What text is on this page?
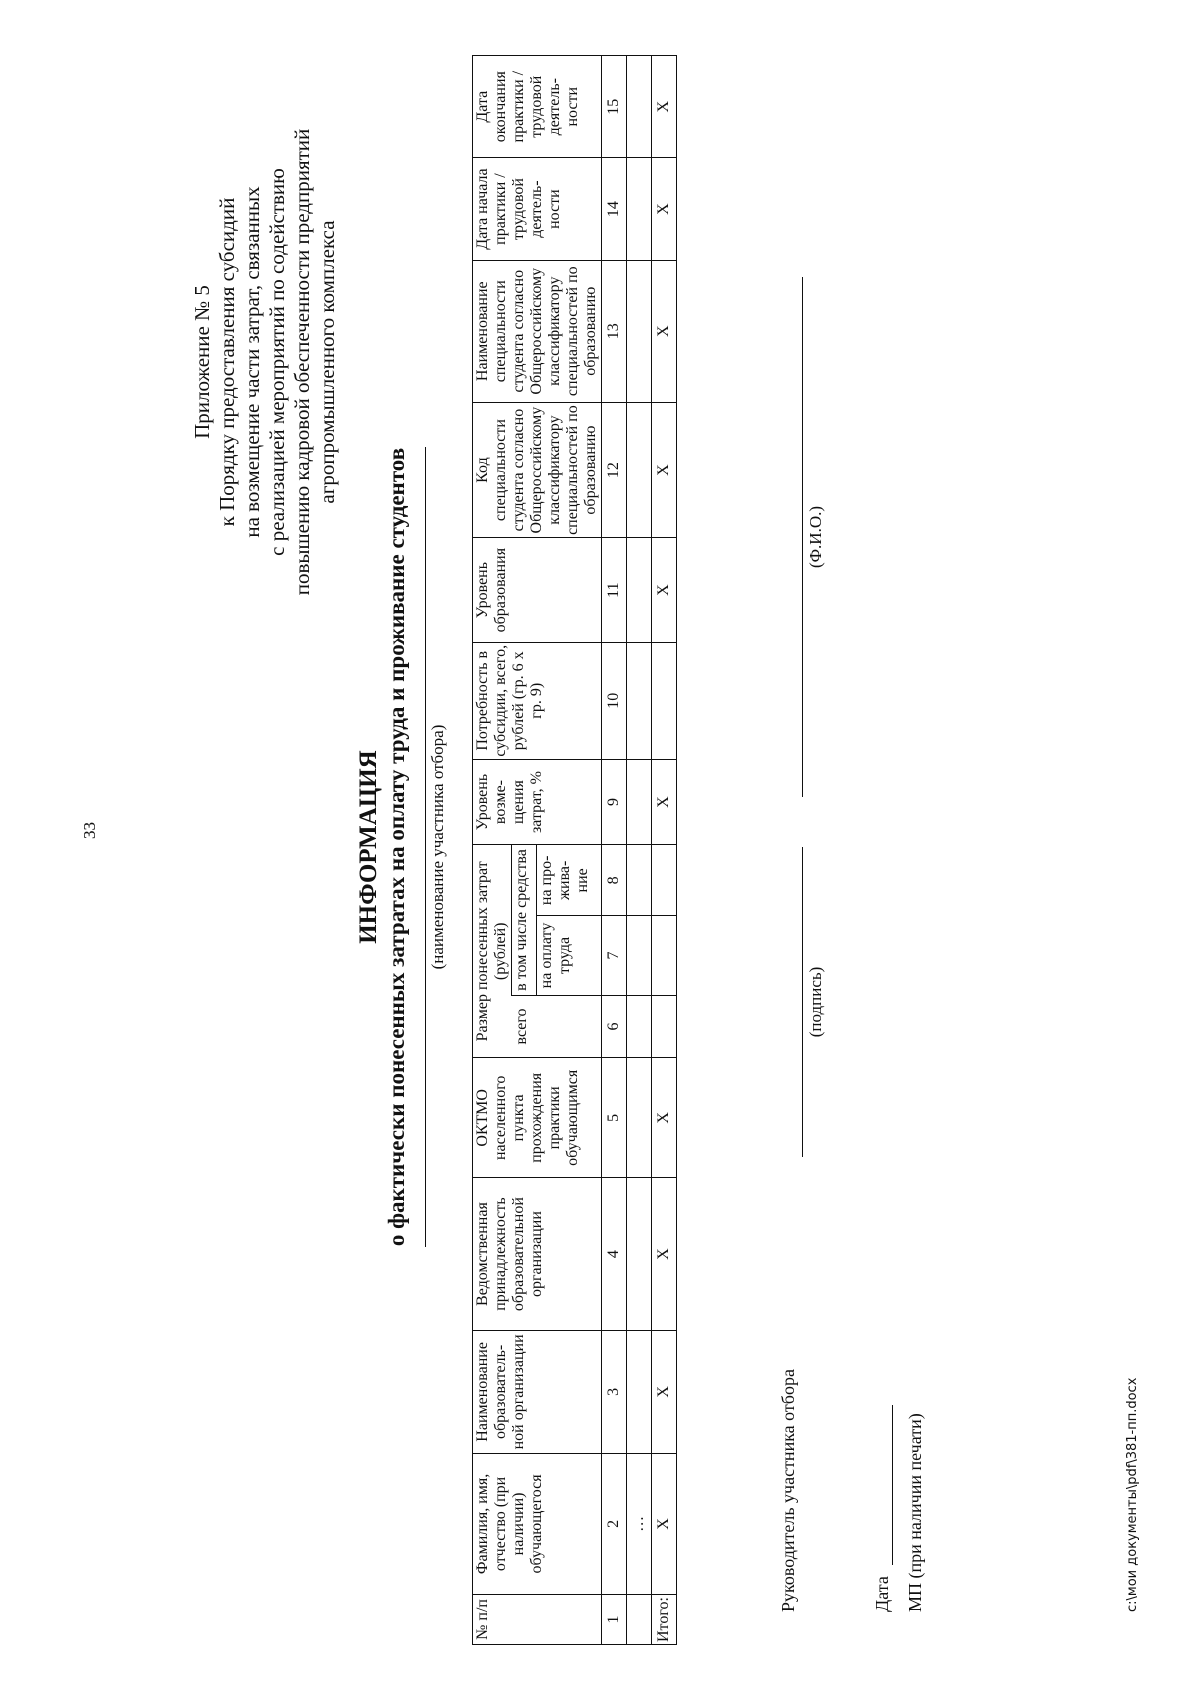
33
Приложение № 5 к Порядку предоставления субсидий на возмещение части затрат, связанных с реализацией мероприятий по содействию повышению кадровой обеспеченности предприятий агропромышленного комплекса
ИНФОРМАЦИЯ о фактически понесенных затратах на оплату труда и проживание студентов (наименование участника отбора)
№ п/п	Фамилия, имя, отчество (при наличии) обучающегося	Наименование образователь- ной организации	Ведомственная принадлежность образовательной организации	ОКТМО населенного пункта прохождения практики обучающимся	Размер понесенных затрат (рублей)			Уровень возме- щения затрат, %	Потребность в субсидии, всего, рублей (гр. 6 х гр. 9)	Уровень образования	Код специальности студента согласно Общероссийскому классификатору специальностей по образованию	Наименование специальности студента согласно Общероссийскому классификатору специальностей по образованию	Дата начала практики / трудовой деятель- ности	Дата окончания практики / трудовой деятель- ности
					всего	в том числе средства								
						на оплату труда	на про- жива- ние							
1	2	3	4	5	6	7	8	9	10	11	12	13	14	15
	…													
Итого:	Х	Х	Х	Х				Х		Х	Х	Х	Х	Х
Руководитель участника отбора
(подпись)
(Ф.И.О.)
Дата МП (при наличии печати)	c:\мои документы\pdf\381-пп.docx
